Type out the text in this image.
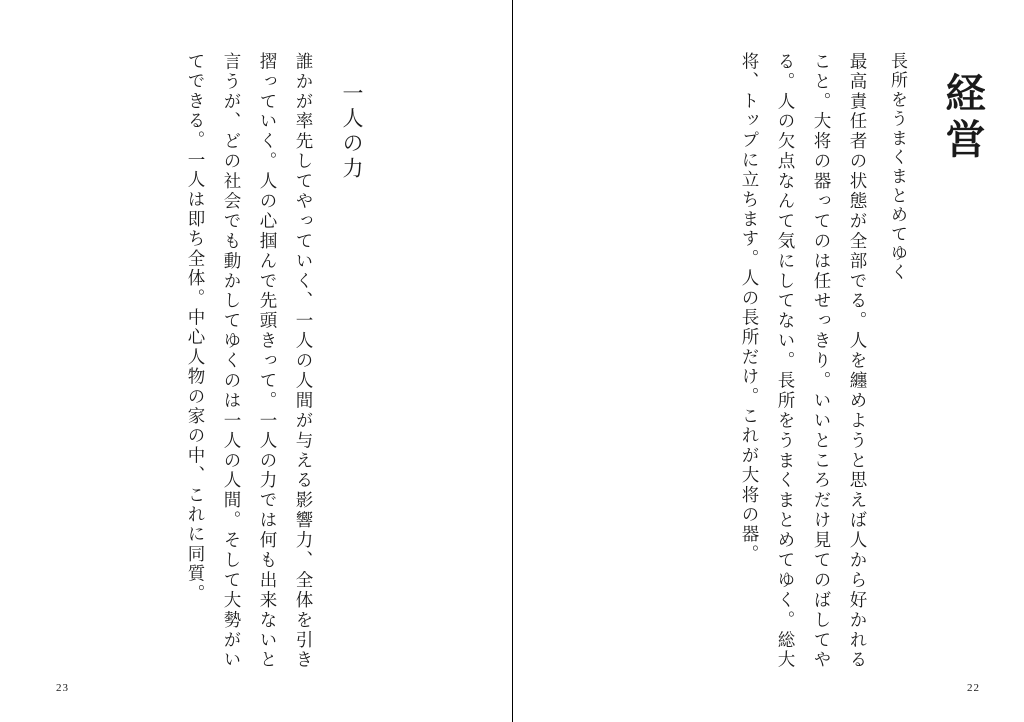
経営
長所をうまくまとめてゆく
最高責任者の状態が全部でる。人を纏めようと思えば人から好かれること。大将の器ってのは任せっきり。いいところだけ見てのばしてやる。人の欠点なんて気にしてない。長所をうまくまとめてゆく。総大将、トップに立ちます。人の長所だけ。これが大将の器。
22
一人の力
誰かが率先してやっていく、一人の人間が与える影響力、全体を引き摺っていく。人の心掴んで先頭きって。一人の力では何も出来ないと言うが、どの社会でも動かしてゆくのは一人の人間。そして大勢がいてできる。一人は即ち全体。中心人物の家の中、これに同質。
23
